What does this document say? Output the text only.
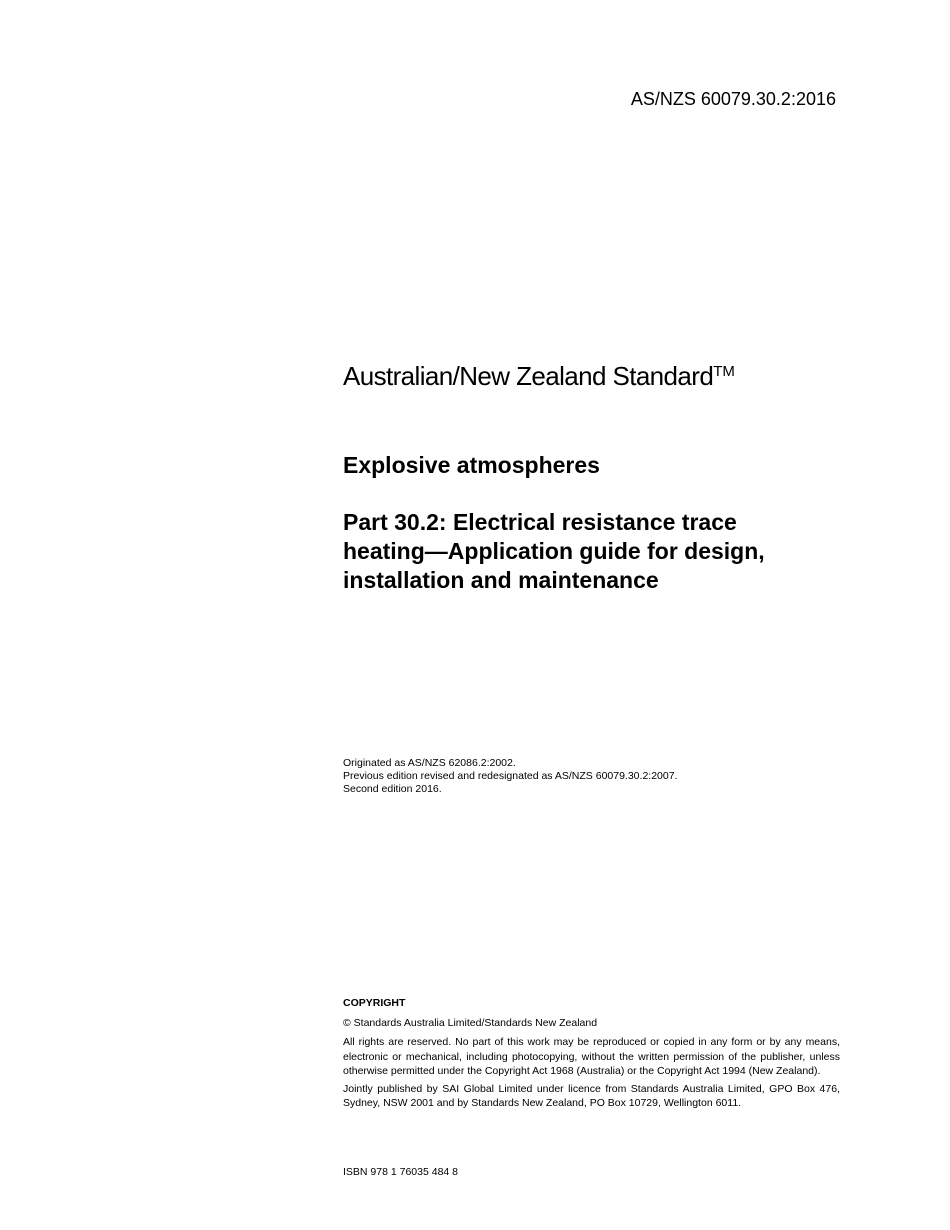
AS/NZS 60079.30.2:2016
Australian/New Zealand Standard™
Explosive atmospheres
Part 30.2: Electrical resistance trace
heating—Application guide for design,
installation and maintenance
Originated as AS/NZS 62086.2:2002.
Previous edition revised and redesignated as AS/NZS 60079.30.2:2007.
Second edition 2016.
COPYRIGHT
© Standards Australia Limited/Standards New Zealand
All rights are reserved. No part of this work may be reproduced or copied in any form or by any means, electronic or mechanical, including photocopying, without the written permission of the publisher, unless otherwise permitted under the Copyright Act 1968 (Australia) or the Copyright Act 1994 (New Zealand).
Jointly published by SAI Global Limited under licence from Standards Australia Limited, GPO Box 476, Sydney, NSW 2001 and by Standards New Zealand, PO Box 10729, Wellington 6011.
ISBN 978 1 76035 484 8
